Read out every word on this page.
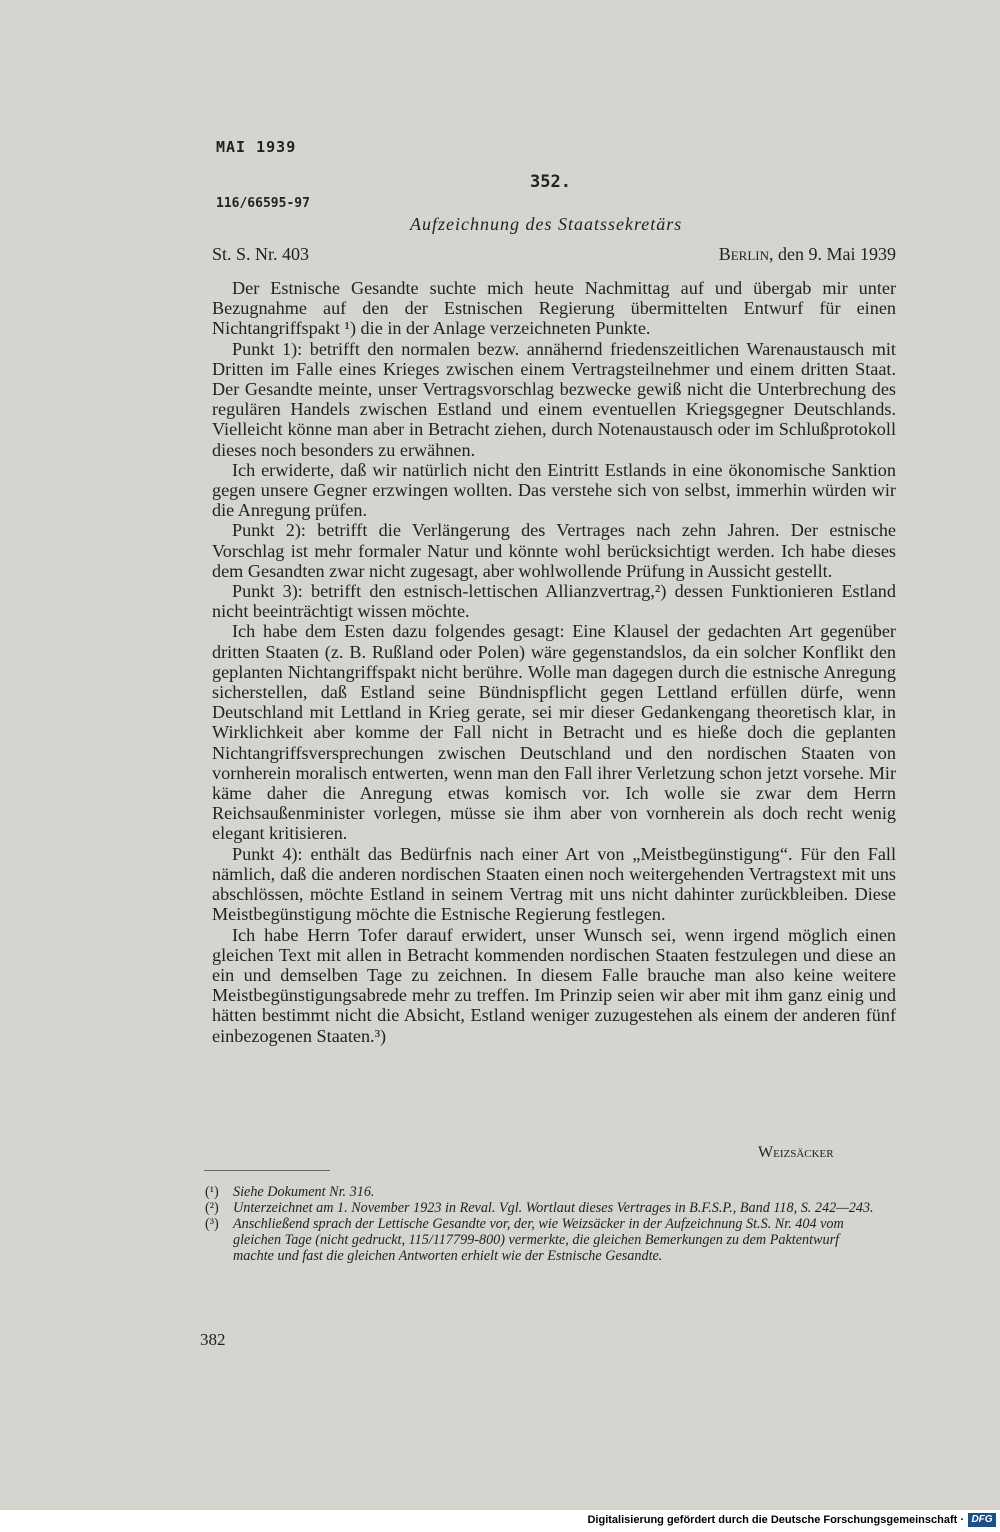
MAI 1939
352.
116/66595-97
Aufzeichnung des Staatssekretärs
St. S. Nr. 403	Berlin, den 9. Mai 1939

Der Estnische Gesandte suchte mich heute Nachmittag auf und übergab mir unter Bezugnahme auf den der Estnischen Regierung übermittelten Entwurf für einen Nichtangriffspakt ¹) die in der Anlage verzeichneten Punkte.

Punkt 1): betrifft den normalen bezw. annähernd friedenszeitlichen Warenaustausch mit Dritten im Falle eines Krieges zwischen einem Vertragsteilnehmer und einem dritten Staat. Der Gesandte meinte, unser Vertragsvorschlag bezwecke gewiß nicht die Unterbrechung des regulären Handels zwischen Estland und einem eventuellen Kriegsgegner Deutschlands. Vielleicht könne man aber in Betracht ziehen, durch Notenaustausch oder im Schlußprotokoll dieses noch besonders zu erwähnen.

Ich erwiderte, daß wir natürlich nicht den Eintritt Estlands in eine ökonomische Sanktion gegen unsere Gegner erzwingen wollten. Das verstehe sich von selbst, immerhin würden wir die Anregung prüfen.

Punkt 2): betrifft die Verlängerung des Vertrages nach zehn Jahren. Der estnische Vorschlag ist mehr formaler Natur und könnte wohl berücksichtigt werden. Ich habe dieses dem Gesandten zwar nicht zugesagt, aber wohlwollende Prüfung in Aussicht gestellt.

Punkt 3): betrifft den estnisch-lettischen Allianzvertrag,²) dessen Funktionieren Estland nicht beeinträchtigt wissen möchte.

Ich habe dem Esten dazu folgendes gesagt: Eine Klausel der gedachten Art gegenüber dritten Staaten (z. B. Rußland oder Polen) wäre gegenstandslos, da ein solcher Konflikt den geplanten Nichtangriffspakt nicht berühre. Wolle man dagegen durch die estnische Anregung sicherstellen, daß Estland seine Bündnispflicht gegen Lettland erfüllen dürfe, wenn Deutschland mit Lettland in Krieg gerate, sei mir dieser Gedankengang theoretisch klar, in Wirklichkeit aber komme der Fall nicht in Betracht und es hieße doch die geplanten Nichtangriffsversprechungen zwischen Deutschland und den nordischen Staaten von vornherein moralisch entwerten, wenn man den Fall ihrer Verletzung schon jetzt vorsehe. Mir käme daher die Anregung etwas komisch vor. Ich wolle sie zwar dem Herrn Reichsaußenminister vorlegen, müsse sie ihm aber von vornherein als doch recht wenig elegant kritisieren.

Punkt 4): enthält das Bedürfnis nach einer Art von „Meistbegünstigung“. Für den Fall nämlich, daß die anderen nordischen Staaten einen noch weitergehenden Vertragstext mit uns abschlössen, möchte Estland in seinem Vertrag mit uns nicht dahinter zurückbleiben. Diese Meistbegünstigung möchte die Estnische Regierung festlegen.

Ich habe Herrn Tofer darauf erwidert, unser Wunsch sei, wenn irgend möglich einen gleichen Text mit allen in Betracht kommenden nordischen Staaten festzulegen und diese an ein und demselben Tage zu zeichnen. In diesem Falle brauche man also keine weitere Meistbegünstigungsabrede mehr zu treffen. Im Prinzip seien wir aber mit ihm ganz einig und hätten bestimmt nicht die Absicht, Estland weniger zuzugestehen als einem der anderen fünf einbezogenen Staaten.³)

Weizsäcker
(¹)	Siehe Dokument Nr. 316.
(²)	Unterzeichnet am 1. November 1923 in Reval. Vgl. Wortlaut dieses Vertrages in B.F.S.P., Band 118, S. 242—243.
(³)	Anschließend sprach der Lettische Gesandte vor, der, wie Weizsäcker in der Aufzeichnung St.S. Nr. 404 vom gleichen Tage (nicht gedruckt, 115/117799-800) vermerkte, die gleichen Bemerkungen zu dem Paktentwurf machte und fast die gleichen Antworten erhielt wie der Estnische Gesandte.
382
Digitalisierung gefördert durch die Deutsche Forschungsgemeinschaft · DFG
